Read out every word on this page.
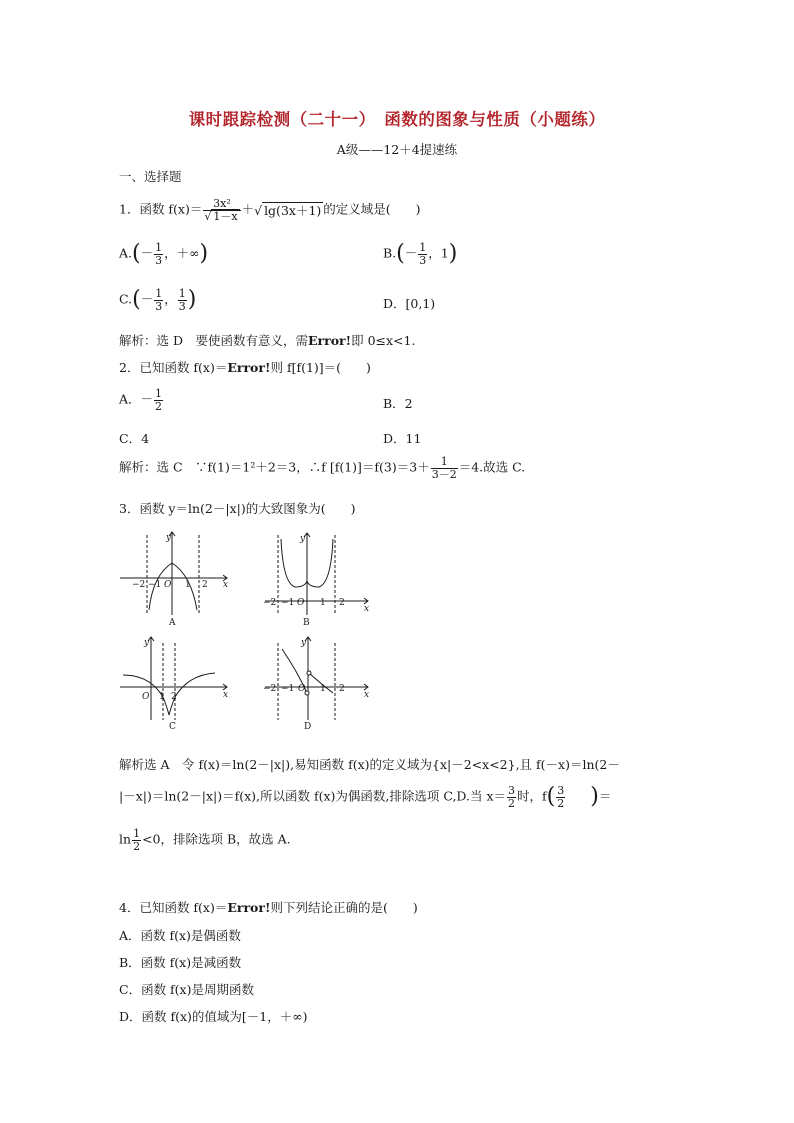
课时跟踪检测（二十一）　函数的图象与性质（小题练）
A级——12＋4提速练
一、选择题
1．函数 $f(x)= \frac{\text{3x²}}{√ 1-x}$ ＋√ lg(3x＋1) 的定义域是(　　)
$A.(- \frac{1}{3}$ ，＋∞)	$B.(- \frac{1}{3}$ ，1)
$C.(- \frac{1}{3}$ ， $\frac{1}{3}$ )	D．[0,1)
解析：选 D　要使函数有意义，需Error!即 0≤x<1.
2．已知函数 f(x)＝Error!则 f[f(1)]＝(　　)
A．－ $\frac{1}{2}$	B．2
C．4	D．11
解析：选 C　∵f(1)＝1²＋2＝3，∴f $[f(1)]=f(3)=3+ \frac{1}{3-2} =4$.故选 C.
3．函数 y＝ln(2－|x|)的大致图象为(　　)
y
x
−2 −1 O 1 2
A
y
x
−2 −1 O 1 2
B
y
x
O 1 2
C
y
x
−2 −1 O 1 2
D
解析选 A　令 f(x)＝ln(2－|x|),易知函数 f(x)的定义域为{x|－2<x<2},且 f(－x)＝ln(2－
|－x|)＝ln(2－|x|)＝f(x),所以函数 f(x)为偶函数,排除选项 C,D.当 $x= \frac{3}{2}$ 时，$f( \frac{3}{2}$ )＝
$\ln \frac{1}{2} <0$，排除选项 B，故选 A.
4．已知函数 f(x)＝Error!则下列结论正确的是(　　)
A．函数 f(x)是偶函数
B．函数 f(x)是减函数
C．函数 f(x)是周期函数
D．函数 f(x)的值域为[－1，＋∞)
